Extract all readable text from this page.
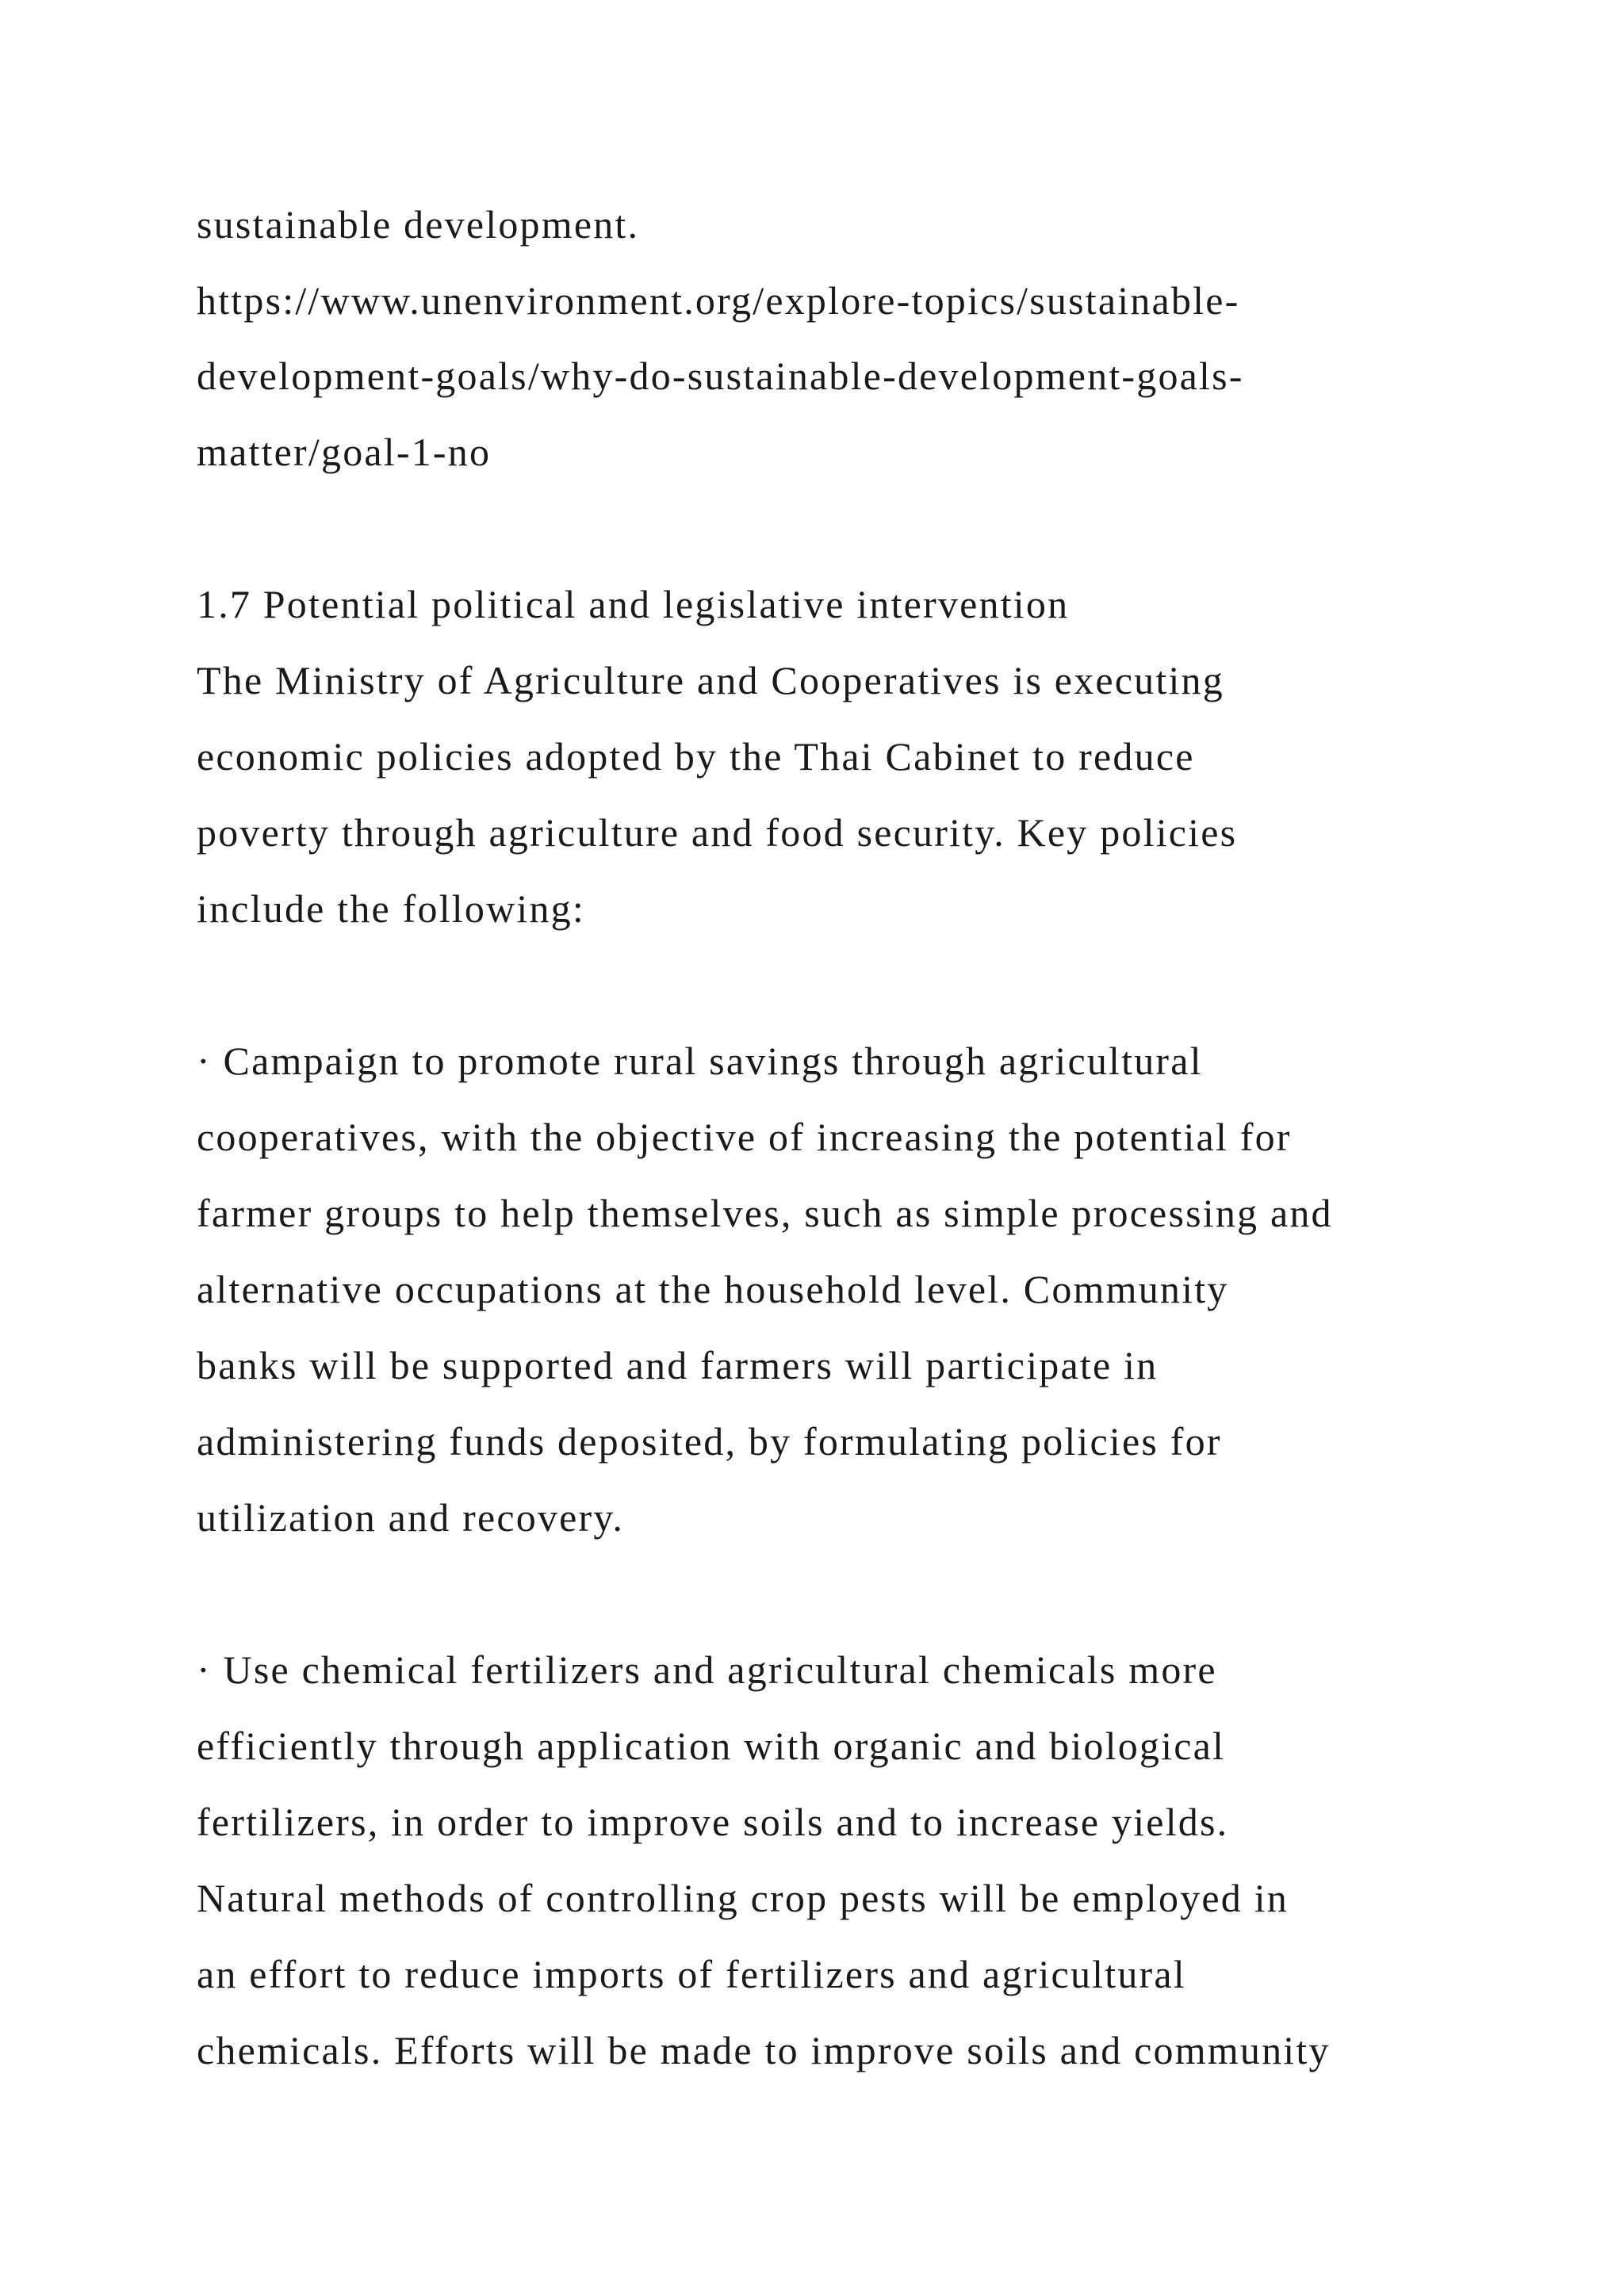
sustainable development.
https://www.unenvironment.org/explore-topics/sustainable-
development-goals/why-do-sustainable-development-goals-
matter/goal-1-no
1.7 Potential political and legislative intervention
The Ministry of Agriculture and Cooperatives is executing
economic policies adopted by the Thai Cabinet to reduce
poverty through agriculture and food security. Key policies
include the following:
· Campaign to promote rural savings through agricultural
cooperatives, with the objective of increasing the potential for
farmer groups to help themselves, such as simple processing and
alternative occupations at the household level. Community
banks will be supported and farmers will participate in
administering funds deposited, by formulating policies for
utilization and recovery.
· Use chemical fertilizers and agricultural chemicals more
efficiently through application with organic and biological
fertilizers, in order to improve soils and to increase yields.
Natural methods of controlling crop pests will be employed in
an effort to reduce imports of fertilizers and agricultural
chemicals. Efforts will be made to improve soils and community
